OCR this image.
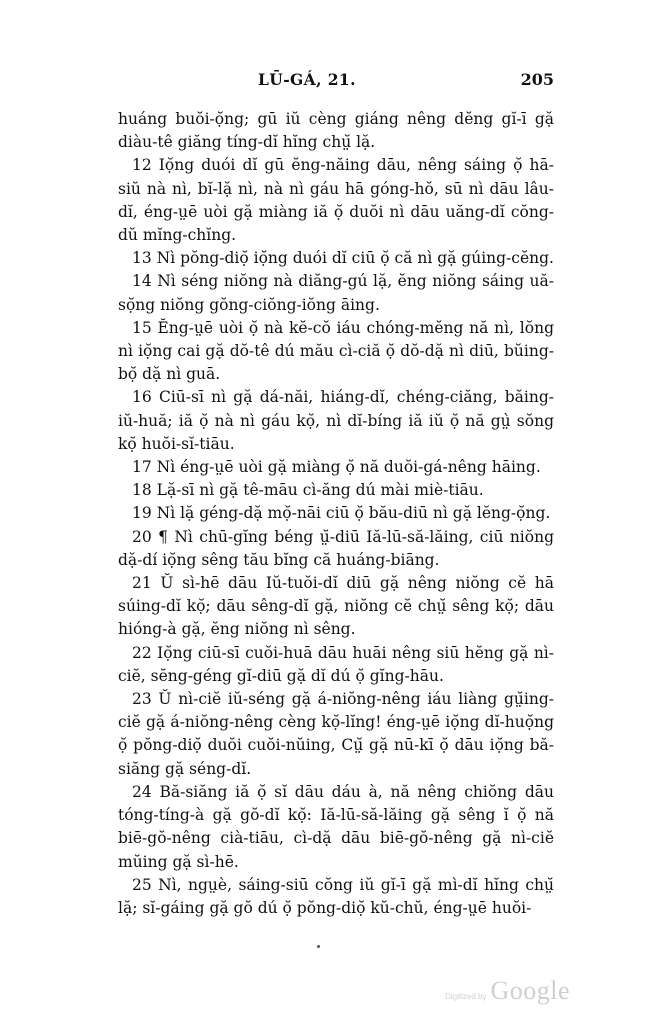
LŪ-GÁ, 21.	205

huáng buŏi-ọ̆ng; gū iŭ cèng giáng nêng dĕng gĭ-ī gặ diàu-tê giăng tíng-dĭ hĭng chṳ̆ lặ.

12 Iọ̆ng duói dĭ gū ĕng-năing dāu, nêng sáing ọ̆ hā-siŭ nà nì, bĭ-lặ nì, nà nì gáu hā góng-hŏ, sū nì dāu lâu-dĭ, éng-ṳē uòi gặ miàng iă ọ̆ duŏi nì dāu uăng-dĭ cŏng-dŭ mĭng-chĭng.

13 Nì pŏng-diọ̆ iọ̆ng duói dĭ ciū ọ̆ că nì gặ gúing-cĕng.

14 Nì séng niŏng nà diăng-gú lặ, ĕng niŏng sáing uă-sọ̆ng niŏng gŏng-ciŏng-iŏng āing.

15 Ĕng-ṳē uòi ọ̆ nà kĕ-cŏ iáu chóng-mĕng nă nì, lŏng nì iọ̆ng cai gặ dŏ-tê dú mău cì-ciă ọ̆ dŏ-dặ nì diū, bŭing-bọ̆ dặ nì guā.

16 Ciū-sī nì gặ dá-năi, hiáng-dĭ, chéng-ciăng, băing-iŭ-huă; iă ọ̆ nà nì gáu kọ̆, nì dĭ-bíng iă iŭ ọ̆ nă gṳ̀ sŏng kọ̆ huŏi-sĭ-tiāu.

17 Nì éng-ṳē uòi gặ miàng ọ̆ nă duŏi-gá-nêng hāing.

18 Lặ-sī nì gặ tê-māu cì-ăng dú mài miè-tiāu.

19 Nì lặ géng-dặ mọ̆-nāi ciū ọ̆ bău-diū nì gặ lĕng-ọ̆ng.

20 ¶ Nì chū-gĭng béng ṳ̆-diū Iă-lū-să-lăing, ciū niŏng dặ-dí iọ̆ng sêng tău bĭng că huáng-biāng.

21 Ŭ sì-hē dāu Iŭ-tuŏi-dĭ diū gặ nêng niŏng cĕ hā súing-dĭ kọ̆; dāu sêng-dĭ gặ, niŏng cĕ chṳ̆ sêng kọ̆; dāu hióng-à gặ, ĕng niŏng nì sêng.

22 Iọ̆ng ciū-sī cuŏi-huā dāu huāi nêng siū hĕng gặ nì-ciĕ, sĕng-géng gĭ-diū gặ dĭ dú ọ̆ gĭng-hāu.

23 Ŭ nì-ciĕ iŭ-séng gặ á-niŏng-nêng iáu liàng gṳ̆ing-ciĕ gặ á-niŏng-nêng cèng kọ̆-lĭng! éng-ṳē iọ̆ng dĭ-huọ̆ng ọ̆ pŏng-diọ̆ duŏi cuŏi-nŭing, Cṳ̆ gặ nū-kī ọ̆ dāu iọ̆ng bă-siăng gặ séng-dĭ.

24 Bă-siăng iă ọ̆ sĭ dāu dáu à, nă nêng chiŏng dāu tóng-tíng-à gặ gŏ-dĭ kọ̆: Iă-lū-să-lăing gặ sêng ĭ ọ̆ nă biē-gŏ-nêng cià-tiāu, cì-dặ dāu biē-gŏ-nêng gặ nì-ciĕ mŭing gặ sì-hē.

25 Nì, ngṳè, sáing-siū cŏng iŭ gĭ-ī gặ mì-dĭ hĭng chṳ̆ lặ; sĭ-gáing gặ gŏ dú ọ̆ pŏng-diọ̆ kŭ-chŭ, éng-ṳē huŏi-

Digitized by Google
